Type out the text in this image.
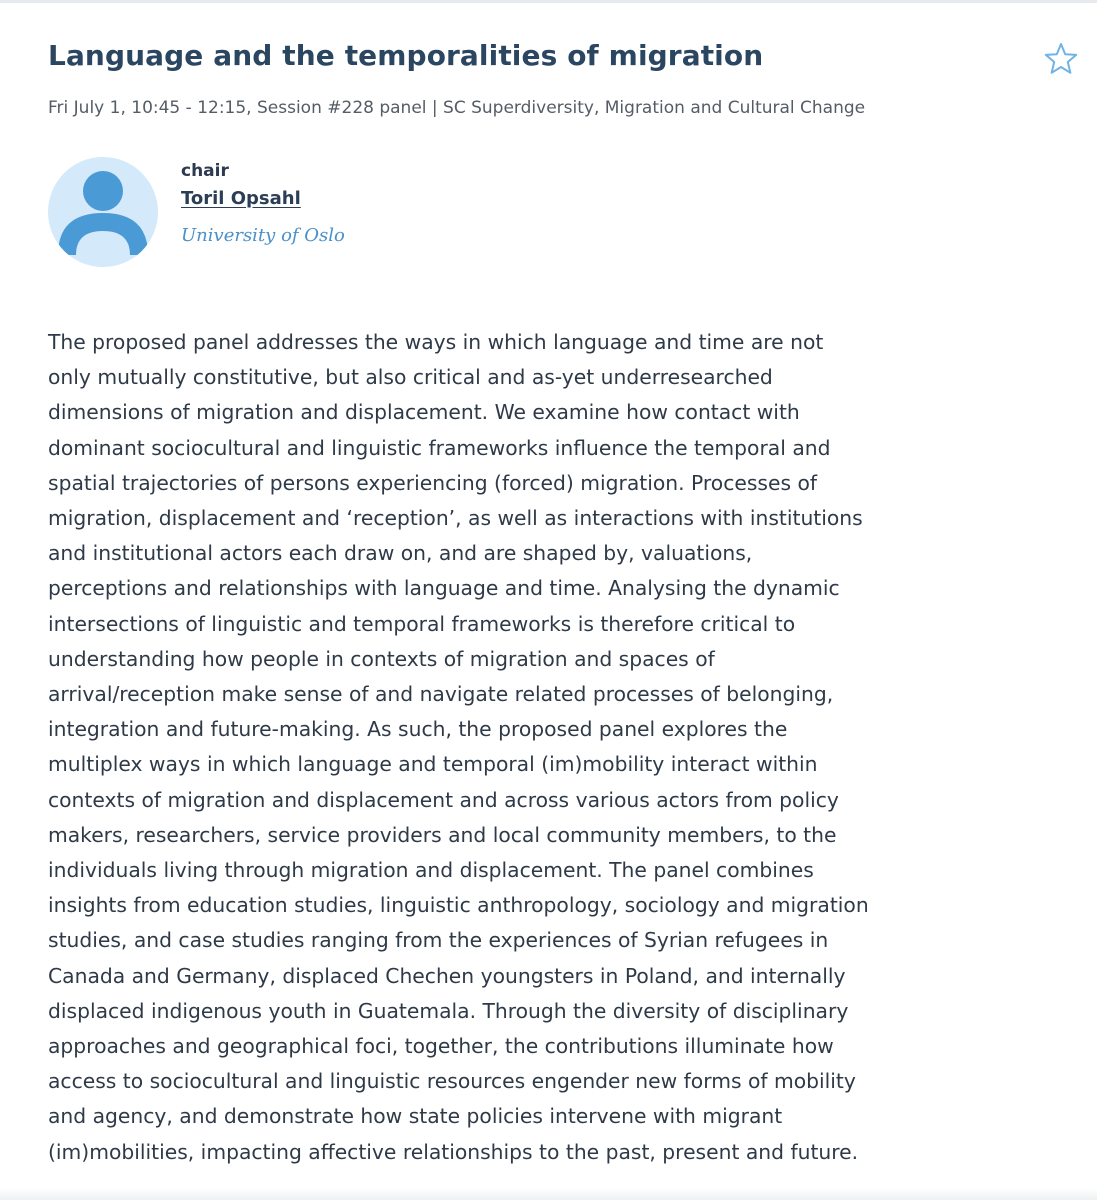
Language and the temporalities of migration
Fri July 1, 10:45 - 12:15, Session #228 panel | SC Superdiversity, Migration and Cultural Change
chair
Toril Opsahl
University of Oslo

The proposed panel addresses the ways in which language and time are not only mutually constitutive, but also critical and as-yet underresearched dimensions of migration and displacement. We examine how contact with dominant sociocultural and linguistic frameworks influence the temporal and spatial trajectories of persons experiencing (forced) migration. Processes of migration, displacement and ‘reception’, as well as interactions with institutions and institutional actors each draw on, and are shaped by, valuations, perceptions and relationships with language and time. Analysing the dynamic intersections of linguistic and temporal frameworks is therefore critical to understanding how people in contexts of migration and spaces of arrival/reception make sense of and navigate related processes of belonging, integration and future-making. As such, the proposed panel explores the multiplex ways in which language and temporal (im)mobility interact within contexts of migration and displacement and across various actors from policy makers, researchers, service providers and local community members, to the individuals living through migration and displacement. The panel combines insights from education studies, linguistic anthropology, sociology and migration studies, and case studies ranging from the experiences of Syrian refugees in Canada and Germany, displaced Chechen youngsters in Poland, and internally displaced indigenous youth in Guatemala. Through the diversity of disciplinary approaches and geographical foci, together, the contributions illuminate how access to sociocultural and linguistic resources engender new forms of mobility and agency, and demonstrate how state policies intervene with migrant (im)mobilities, impacting affective relationships to the past, present and future.
